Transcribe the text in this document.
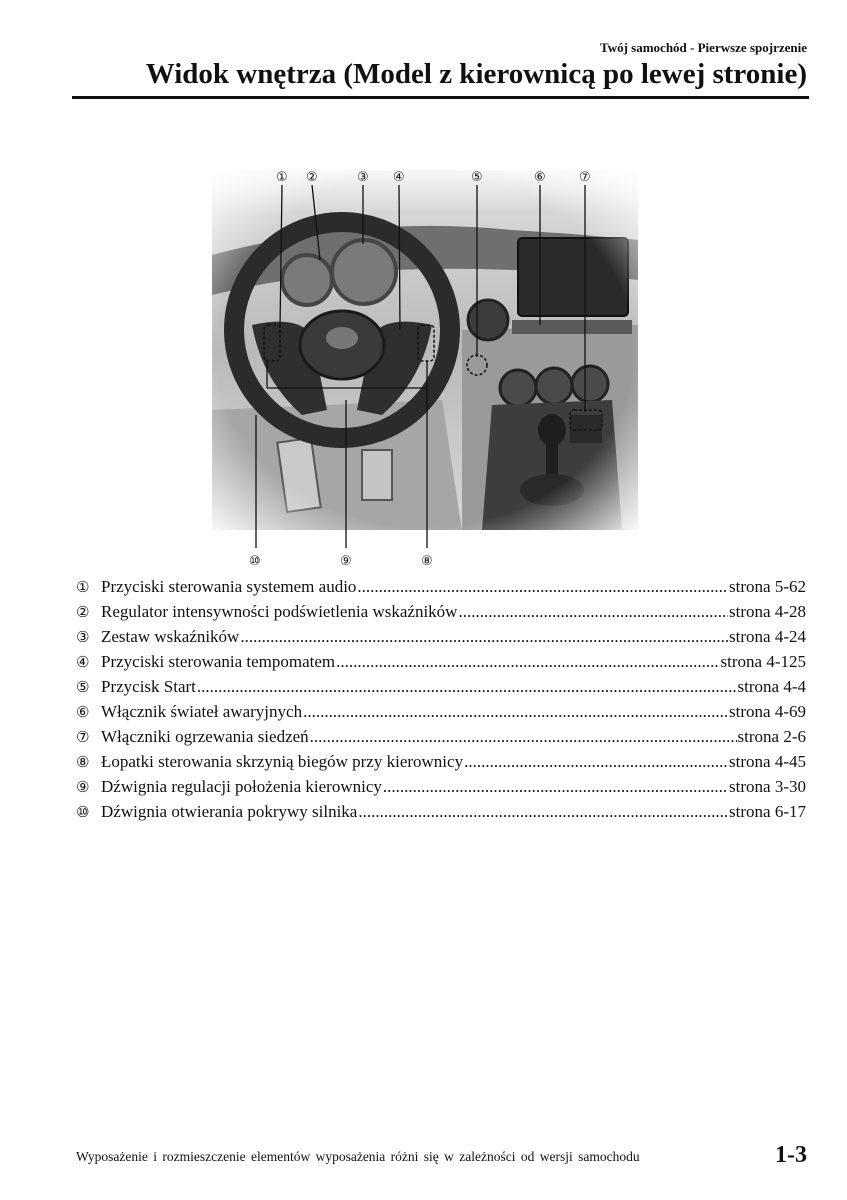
Twój samochód - Pierwsze spojrzenie
Widok wnętrza (Model z kierownicą po lewej stronie)
① ②	③ ④	⑤	⑥	⑦
⑩	⑨	⑧
① Przyciski sterowania systemem audio .....	strona 5-62
② Regulator intensywności podświetlenia wskaźników .....	strona 4-28
③ Zestaw wskaźników .....	strona 4-24
④ Przyciski sterowania tempomatem .....	strona 4-125
⑤ Przycisk Start .....	strona 4-4
⑥ Włącznik świateł awaryjnych .....	strona 4-69
⑦ Włączniki ogrzewania siedzeń .....	strona 2-6
⑧ Łopatki sterowania skrzynią biegów przy kierownicy .....	strona 4-45
⑨ Dźwignia regulacji położenia kierownicy .....	strona 3-30
⑩ Dźwignia otwierania pokrywy silnika .....	strona 6-17
Wyposażenie i rozmieszczenie elementów wyposażenia różni się w zależności od wersji samochodu	1-3
